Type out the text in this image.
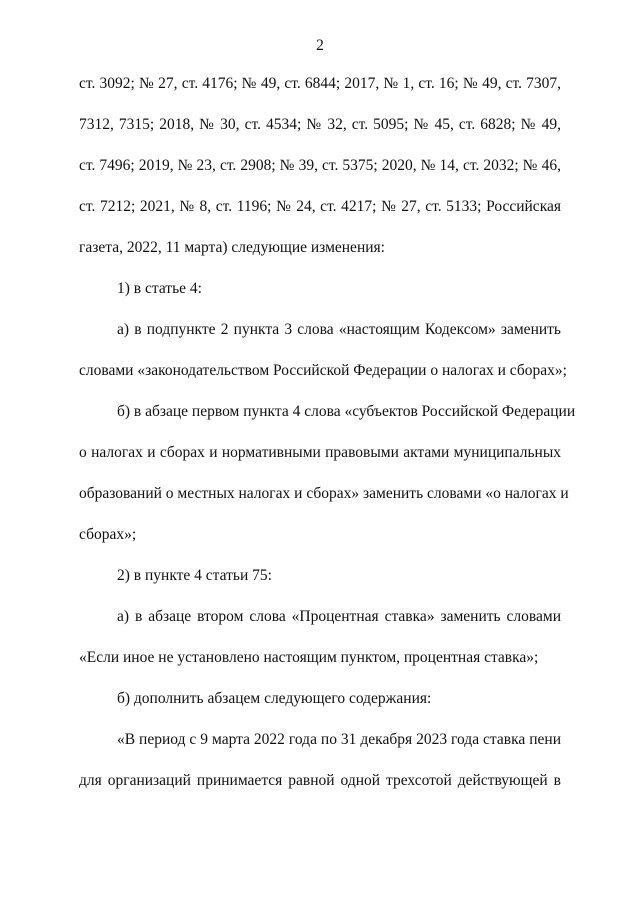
2
ст. 3092; № 27, ст. 4176; № 49, ст. 6844; 2017, № 1, ст. 16; № 49, ст. 7307,
7312, 7315; 2018, № 30, ст. 4534; № 32, ст. 5095; № 45, ст. 6828; № 49,
ст. 7496; 2019, № 23, ст. 2908; № 39, ст. 5375; 2020, № 14, ст. 2032; № 46,
ст. 7212; 2021, № 8, ст. 1196; № 24, ст. 4217; № 27, ст. 5133; Российская
газета, 2022, 11 марта) следующие изменения:
1) в статье 4:
а) в подпункте 2 пункта 3 слова «настоящим Кодексом» заменить
словами «законодательством Российской Федерации о налогах и сборах»;
б) в абзаце первом пункта 4 слова «субъектов Российской Федерации
о налогах и сборах и нормативными правовыми актами муниципальных
образований о местных налогах и сборах» заменить словами «о налогах и
сборах»;
2) в пункте 4 статьи 75:
а) в абзаце втором слова «Процентная ставка» заменить словами
«Если иное не установлено настоящим пунктом, процентная ставка»;
б) дополнить абзацем следующего содержания:
«В период с 9 марта 2022 года по 31 декабря 2023 года ставка пени
для организаций принимается равной одной трехсотой действующей в
